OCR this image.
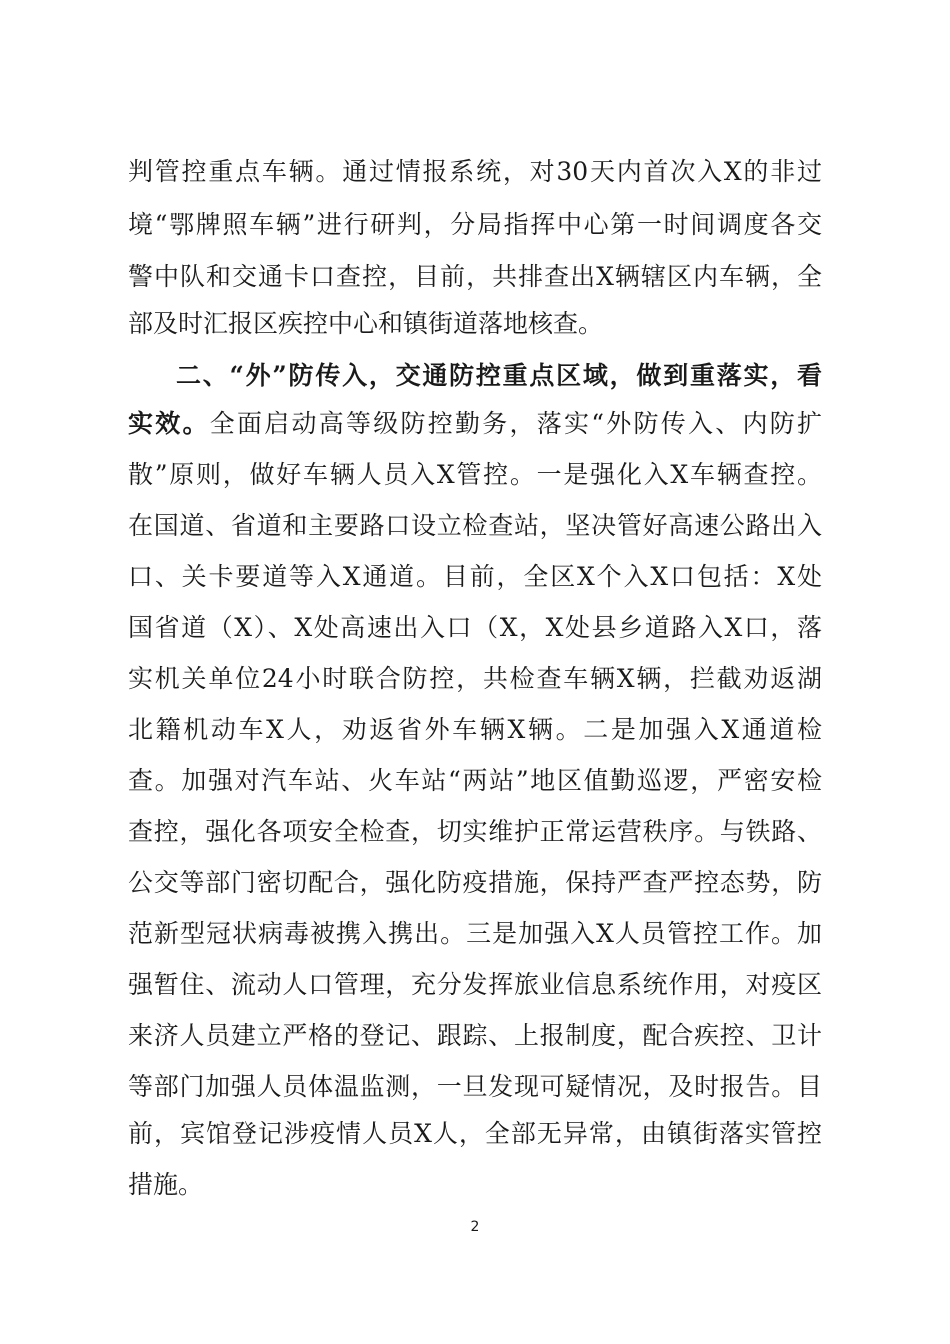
判管控重点车辆。通过情报系统，对30天内首次入X的非过
境“鄂牌照车辆”进行研判，分局指挥中心第一时间调度各交
警中队和交通卡口查控，目前，共排查出X辆辖区内车辆，全
部及时汇报区疾控中心和镇街道落地核查。
二、“外”防传入，交通防控重点区域，做到重落实，看
实效。全面启动高等级防控勤务，落实“外防传入、内防扩
散”原则，做好车辆人员入X管控。一是强化入X车辆查控。
在国道、省道和主要路口设立检查站，坚决管好高速公路出入
口、关卡要道等入X通道。目前，全区X个入X口包括：X处
国省道（X）、X处高速出入口（X，X处县乡道路入X口，落
实机关单位24小时联合防控，共检查车辆X辆，拦截劝返湖
北籍机动车X人，劝返省外车辆X辆。二是加强入X通道检
查。加强对汽车站、火车站“两站”地区值勤巡逻，严密安检
查控，强化各项安全检查，切实维护正常运营秩序。与铁路、
公交等部门密切配合，强化防疫措施，保持严查严控态势，防
范新型冠状病毒被携入携出。三是加强入X人员管控工作。加
强暂住、流动人口管理，充分发挥旅业信息系统作用，对疫区
来济人员建立严格的登记、跟踪、上报制度，配合疾控、卫计
等部门加强人员体温监测，一旦发现可疑情况，及时报告。目
前，宾馆登记涉疫情人员X人，全部无异常，由镇街落实管控
措施。
2
